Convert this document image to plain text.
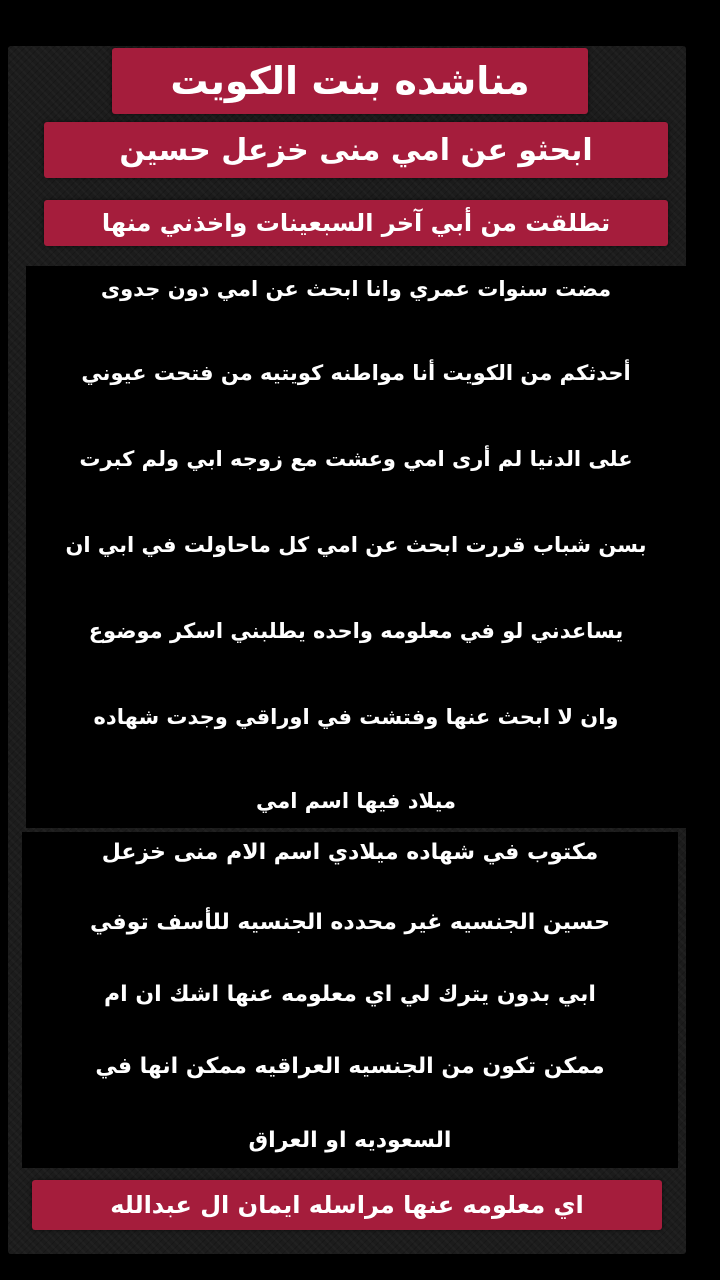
مناشده بنت الكويت
ابحثو عن امي منى خزعل حسين
تطلقت من أبي آخر السبعينات واخذني منها
مضت سنوات عمري وانا ابحث عن امي دون جدوى
أحدثكم من الكويت أنا مواطنه كويتيه من فتحت عيوني
على الدنيا لم أرى امي وعشت مع زوجه ابي ولم كبرت
بسن شباب قررت ابحث عن امي كل ماحاولت في ابي ان
يساعدني لو في معلومه واحده يطلبني اسكر موضوع
وان لا ابحث عنها وفتشت في اوراقي وجدت شهاده
ميلاد فيها اسم امي
مكتوب في شهاده ميلادي اسم الام منى خزعل
حسين الجنسيه غير محدده الجنسيه للأسف توفي
ابي بدون يترك لي اي معلومه عنها اشك ان ام
ممكن تكون من الجنسيه العراقيه ممكن انها في
السعوديه او العراق
اي معلومه عنها مراسله ايمان ال عبدالله
